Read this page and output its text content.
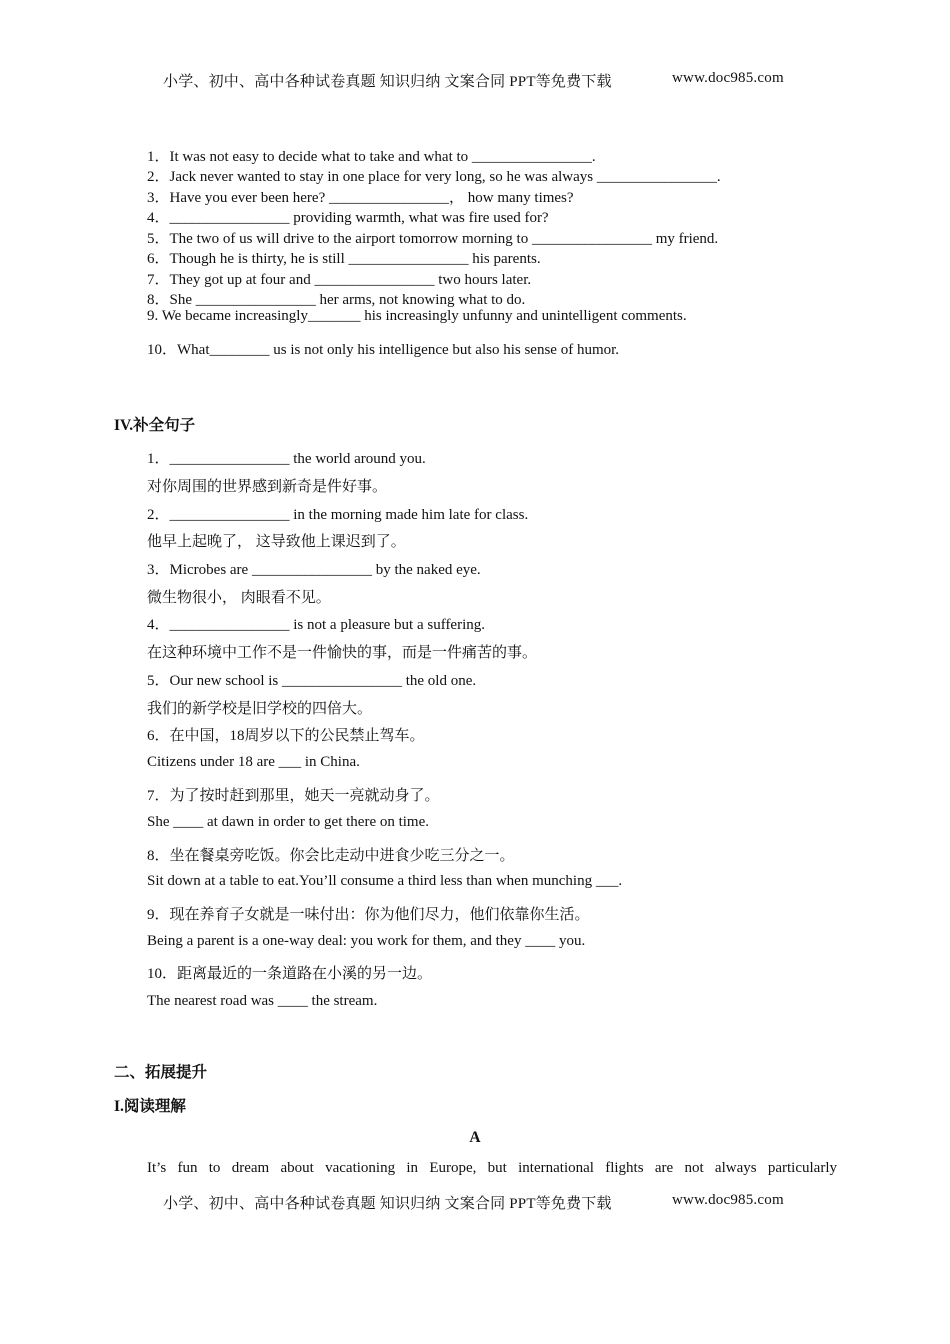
小学、初中、高中各种试卷真题 知识归纳 文案合同 PPT等免费下载	www.doc985.com
1．It was not easy to decide what to take and what to ________________.
2．Jack never wanted to stay in one place for very long, so he was always ________________.
3．Have you ever been here? ________________， how many times?
4．________________ providing warmth, what was fire used for?
5．The two of us will drive to the airport tomorrow morning to ________________ my friend.
6．Though he is thirty, he is still ________________ his parents.
7．They got up at four and ________________ two hours later.
8．She ________________ her arms, not knowing what to do.
9. We became increasingly_______ his increasingly unfunny and unintelligent comments.
10．What________ us is not only his intelligence but also his sense of humor.
IV.补全句子
1．________________ the world around you.
对你周围的世界感到新奇是件好事。
2．________________ in the morning made him late for class.
他早上起晚了， 这导致他上课迟到了。
3．Microbes are ________________ by the naked eye.
微生物很小， 肉眼看不见。
4．________________ is not a pleasure but a suffering.
在这种环境中工作不是一件愉快的事，而是一件痛苦的事。
5．Our new school is ________________ the old one.
我们的新学校是旧学校的四倍大。
6．在中国，18周岁以下的公民禁止驾车。
Citizens under 18 are ___ in China.
7．为了按时赶到那里，她天一亮就动身了。
She ____ at dawn in order to get there on time.
8．坐在餐桌旁吃饭。你会比走动中进食少吃三分之一。
Sit down at a table to eat.You’ll consume a third less than when munching ___.
9．现在养育子女就是一味付出：你为他们尽力，他们依靠你生活。
Being a parent is a one-way deal: you work for them, and they ____ you.
10．距离最近的一条道路在小溪的另一边。
The nearest road was ____ the stream.
二、拓展提升
I.阅读理解
A
It’s fun to dream about vacationing in Europe, but international flights are not always particularly
小学、初中、高中各种试卷真题 知识归纳 文案合同 PPT等免费下载	www.doc985.com
